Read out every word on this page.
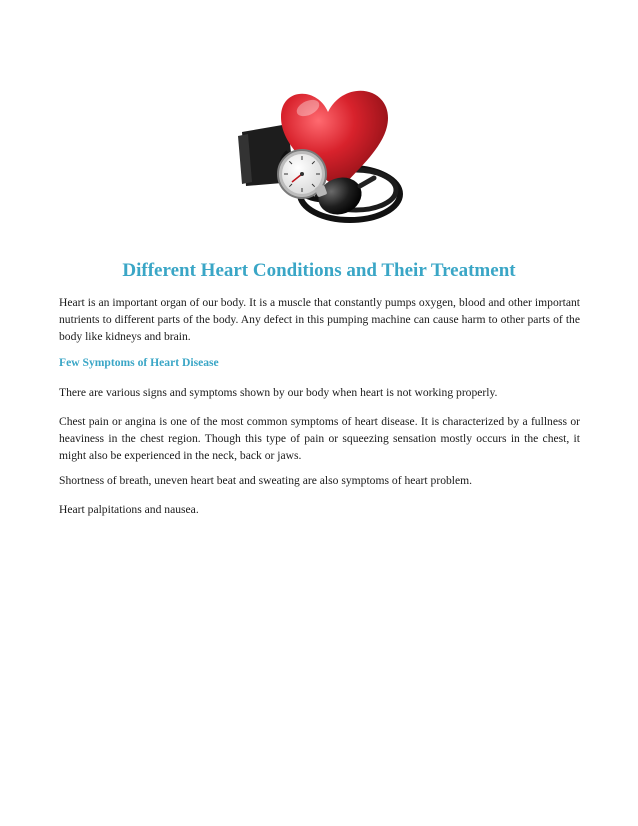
Different Heart Conditions and Their Treatment

Heart is an important organ of our body. It is a muscle that constantly pumps oxygen, blood and other important nutrients to different parts of the body. Any defect in this pumping machine can cause harm to other parts of the body like kidneys and brain.

Few Symptoms of Heart Disease

There are various signs and symptoms shown by our body when heart is not working properly.

Chest pain or angina is one of the most common symptoms of heart disease. It is characterized by a fullness or heaviness in the chest region. Though this type of pain or squeezing sensation mostly occurs in the chest, it might also be experienced in the neck, back or jaws.

Shortness of breath, uneven heart beat and sweating are also symptoms of heart problem.

Heart palpitations and nausea.
